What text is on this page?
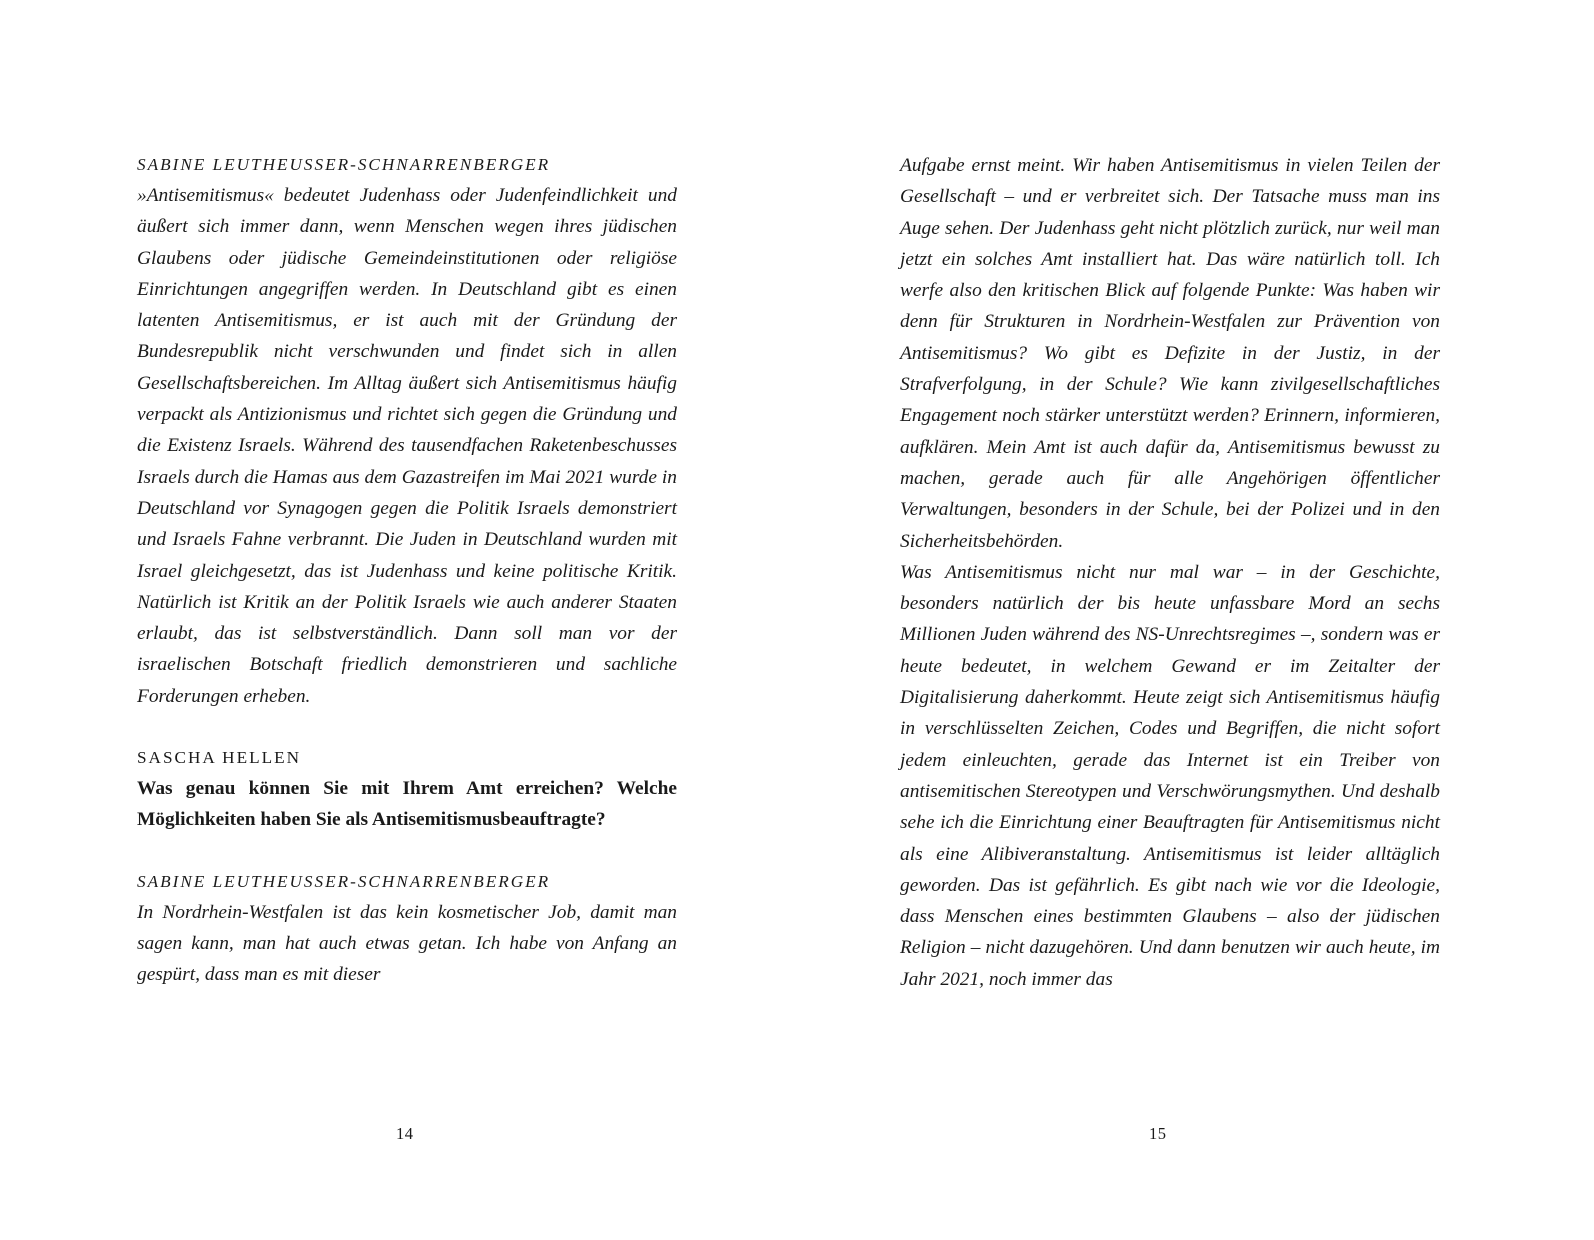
SABINE LEUTHEUSSER-SCHNARRENBERGER

»Antisemitismus« bedeutet Judenhass oder Judenfeindlichkeit und äußert sich immer dann, wenn Menschen wegen ihres jüdischen Glaubens oder jüdische Gemeindeinstitutionen oder religiöse Einrichtungen angegriffen werden. In Deutschland gibt es einen latenten Antisemitismus, er ist auch mit der Gründung der Bundesrepublik nicht verschwunden und findet sich in allen Gesellschaftsbereichen. Im Alltag äußert sich Antisemitismus häufig verpackt als Antizionismus und richtet sich gegen die Gründung und die Existenz Israels. Während des tausendfachen Raketenbeschusses Israels durch die Hamas aus dem Gazastreifen im Mai 2021 wurde in Deutschland vor Synagogen gegen die Politik Israels demonstriert und Israels Fahne verbrannt. Die Juden in Deutschland wurden mit Israel gleichgesetzt, das ist Judenhass und keine politische Kritik. Natürlich ist Kritik an der Politik Israels wie auch anderer Staaten erlaubt, das ist selbstverständlich. Dann soll man vor der israelischen Botschaft friedlich demonstrieren und sachliche Forderungen erheben.

SASCHA HELLEN

Was genau können Sie mit Ihrem Amt erreichen? Welche Möglichkeiten haben Sie als Antisemitismusbeauftragte?

SABINE LEUTHEUSSER-SCHNARRENBERGER

In Nordrhein-Westfalen ist das kein kosmetischer Job, damit man sagen kann, man hat auch etwas getan. Ich habe von Anfang an gespürt, dass man es mit dieser

14

Aufgabe ernst meint. Wir haben Antisemitismus in vielen Teilen der Gesellschaft – und er verbreitet sich. Der Tatsache muss man ins Auge sehen. Der Judenhass geht nicht plötzlich zurück, nur weil man jetzt ein solches Amt installiert hat. Das wäre natürlich toll. Ich werfe also den kritischen Blick auf folgende Punkte: Was haben wir denn für Strukturen in Nordrhein-Westfalen zur Prävention von Antisemitismus? Wo gibt es Defizite in der Justiz, in der Strafverfolgung, in der Schule? Wie kann zivilgesellschaftliches Engagement noch stärker unterstützt werden? Erinnern, informieren, aufklären. Mein Amt ist auch dafür da, Antisemitismus bewusst zu machen, gerade auch für alle Angehörigen öffentlicher Verwaltungen, besonders in der Schule, bei der Polizei und in den Sicherheitsbehörden.

Was Antisemitismus nicht nur mal war – in der Geschichte, besonders natürlich der bis heute unfassbare Mord an sechs Millionen Juden während des NS-Unrechtsregimes –, sondern was er heute bedeutet, in welchem Gewand er im Zeitalter der Digitalisierung daherkommt. Heute zeigt sich Antisemitismus häufig in verschlüsselten Zeichen, Codes und Begriffen, die nicht sofort jedem einleuchten, gerade das Internet ist ein Treiber von antisemitischen Stereotypen und Verschwörungsmythen. Und deshalb sehe ich die Einrichtung einer Beauftragten für Antisemitismus nicht als eine Alibiveranstaltung. Antisemitismus ist leider alltäglich geworden. Das ist gefährlich. Es gibt nach wie vor die Ideologie, dass Menschen eines bestimmten Glaubens – also der jüdischen Religion – nicht dazugehören. Und dann benutzen wir auch heute, im Jahr 2021, noch immer das

15
